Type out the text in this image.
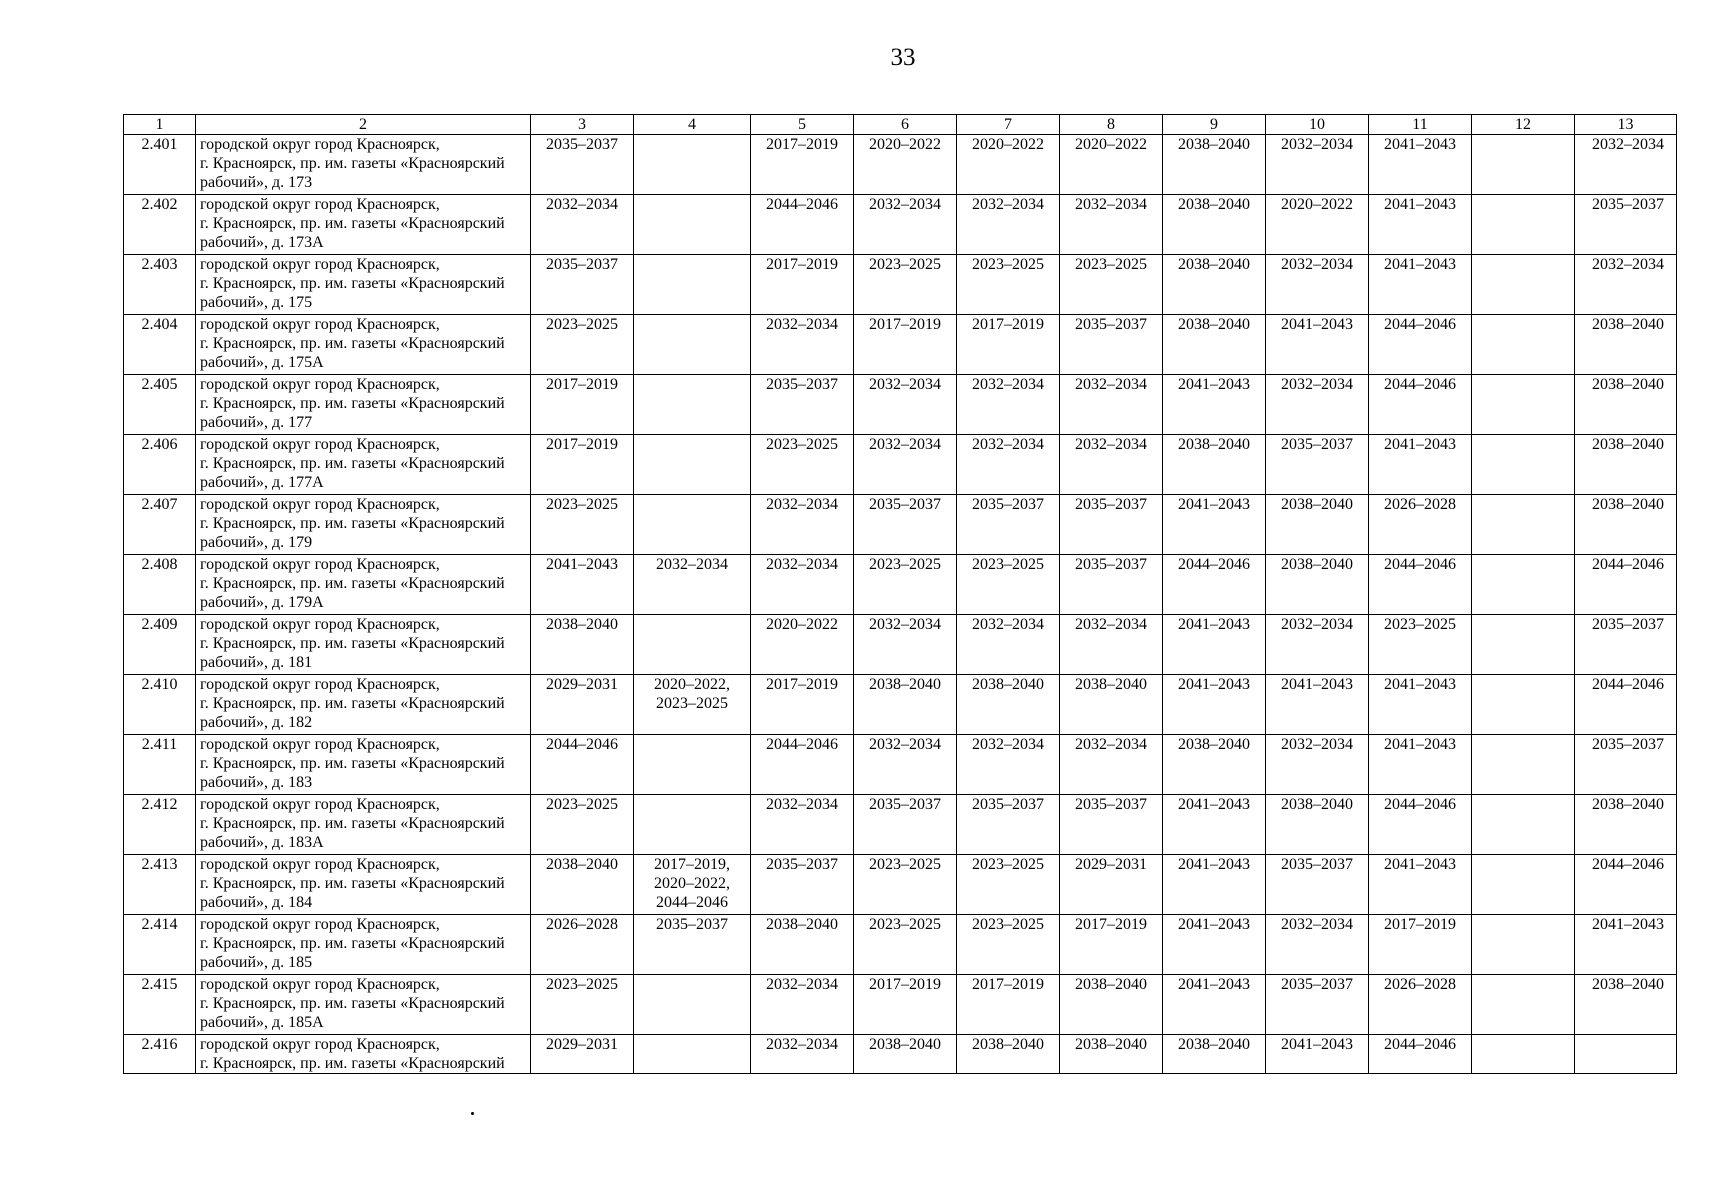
33
1	2	3	4	5	6	7	8	9	10	11	12	13
2.401	городской округ город Красноярск,
г. Красноярск, пр. им. газеты «Красноярский
рабочий», д. 173	2035–2037		2017–2019	2020–2022	2020–2022	2020–2022	2038–2040	2032–2034	2041–2043		2032–2034
2.402	городской округ город Красноярск,
г. Красноярск, пр. им. газеты «Красноярский
рабочий», д. 173А	2032–2034		2044–2046	2032–2034	2032–2034	2032–2034	2038–2040	2020–2022	2041–2043		2035–2037
2.403	городской округ город Красноярск,
г. Красноярск, пр. им. газеты «Красноярский
рабочий», д. 175	2035–2037		2017–2019	2023–2025	2023–2025	2023–2025	2038–2040	2032–2034	2041–2043		2032–2034
2.404	городской округ город Красноярск,
г. Красноярск, пр. им. газеты «Красноярский
рабочий», д. 175А	2023–2025		2032–2034	2017–2019	2017–2019	2035–2037	2038–2040	2041–2043	2044–2046		2038–2040
2.405	городской округ город Красноярск,
г. Красноярск, пр. им. газеты «Красноярский
рабочий», д. 177	2017–2019		2035–2037	2032–2034	2032–2034	2032–2034	2041–2043	2032–2034	2044–2046		2038–2040
2.406	городской округ город Красноярск,
г. Красноярск, пр. им. газеты «Красноярский
рабочий», д. 177А	2017–2019		2023–2025	2032–2034	2032–2034	2032–2034	2038–2040	2035–2037	2041–2043		2038–2040
2.407	городской округ город Красноярск,
г. Красноярск, пр. им. газеты «Красноярский
рабочий», д. 179	2023–2025		2032–2034	2035–2037	2035–2037	2035–2037	2041–2043	2038–2040	2026–2028		2038–2040
2.408	городской округ город Красноярск,
г. Красноярск, пр. им. газеты «Красноярский
рабочий», д. 179А	2041–2043	2032–2034	2032–2034	2023–2025	2023–2025	2035–2037	2044–2046	2038–2040	2044–2046		2044–2046
2.409	городской округ город Красноярск,
г. Красноярск, пр. им. газеты «Красноярский
рабочий», д. 181	2038–2040		2020–2022	2032–2034	2032–2034	2032–2034	2041–2043	2032–2034	2023–2025		2035–2037
2.410	городской округ город Красноярск,
г. Красноярск, пр. им. газеты «Красноярский
рабочий», д. 182	2029–2031	2020–2022,
2023–2025	2017–2019	2038–2040	2038–2040	2038–2040	2041–2043	2041–2043	2041–2043		2044–2046
2.411	городской округ город Красноярск,
г. Красноярск, пр. им. газеты «Красноярский
рабочий», д. 183	2044–2046		2044–2046	2032–2034	2032–2034	2032–2034	2038–2040	2032–2034	2041–2043		2035–2037
2.412	городской округ город Красноярск,
г. Красноярск, пр. им. газеты «Красноярский
рабочий», д. 183А	2023–2025		2032–2034	2035–2037	2035–2037	2035–2037	2041–2043	2038–2040	2044–2046		2038–2040
2.413	городской округ город Красноярск,
г. Красноярск, пр. им. газеты «Красноярский
рабочий», д. 184	2038–2040	2017–2019,
2020–2022,
2044–2046	2035–2037	2023–2025	2023–2025	2029–2031	2041–2043	2035–2037	2041–2043		2044–2046
2.414	городской округ город Красноярск,
г. Красноярск, пр. им. газеты «Красноярский
рабочий», д. 185	2026–2028	2035–2037	2038–2040	2023–2025	2023–2025	2017–2019	2041–2043	2032–2034	2017–2019		2041–2043
2.415	городской округ город Красноярск,
г. Красноярск, пр. им. газеты «Красноярский
рабочий», д. 185А	2023–2025		2032–2034	2017–2019	2017–2019	2038–2040	2041–2043	2035–2037	2026–2028		2038–2040
2.416	городской округ город Красноярск,
г. Красноярск, пр. им. газеты «Красноярский	2029–2031		2032–2034	2038–2040	2038–2040	2038–2040	2038–2040	2041–2043	2044–2046		
